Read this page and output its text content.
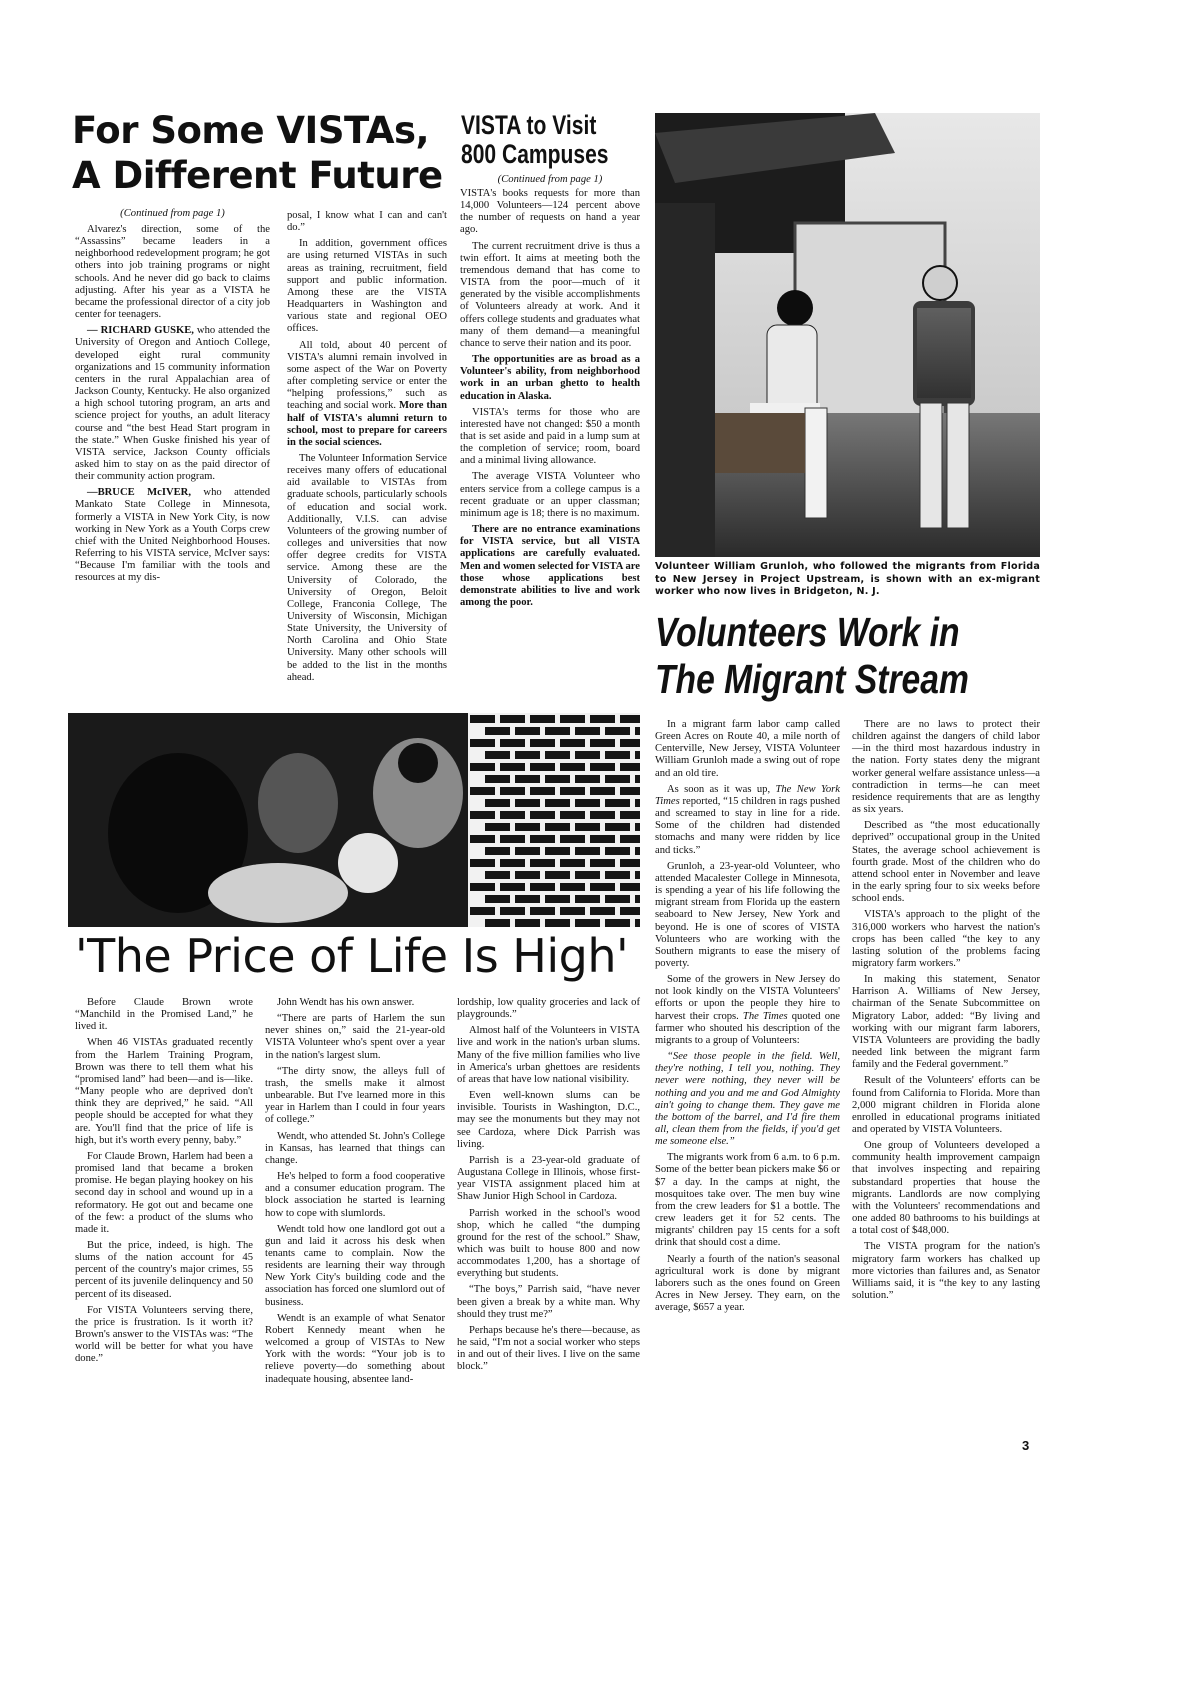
For Some VISTAs,
A Different Future
(Continued from page 1)

Alvarez's direction, some of the “Assassins” became leaders in a neighborhood redevelopment program; he got others into job training programs or night schools. And he never did go back to claims adjusting. After his year as a VISTA he became the professional director of a city job center for teenagers.

— RICHARD GUSKE, who attended the University of Oregon and Antioch College, developed eight rural community organizations and 15 community information centers in the rural Appalachian area of Jackson County, Kentucky. He also organized a high school tutoring program, an arts and science project for youths, an adult literacy course and “the best Head Start program in the state.” When Guske finished his year of VISTA service, Jackson County officials asked him to stay on as the paid director of their community action program.

—BRUCE McIVER, who attended Mankato State College in Minnesota, formerly a VISTA in New York City, is now working in New York as a Youth Corps crew chief with the United Neighborhood Houses. Referring to his VISTA service, McIver says: “Because I'm familiar with the tools and resources at my dis-

posal, I know what I can and can't do.”

In addition, government offices are using returned VISTAs in such areas as training, recruitment, field support and public information. Among these are the VISTA Headquarters in Washington and various state and regional OEO offices.

All told, about 40 percent of VISTA's alumni remain involved in some aspect of the War on Poverty after completing service or enter the “helping professions,” such as teaching and social work. More than half of VISTA's alumni return to school, most to prepare for careers in the social sciences.

The Volunteer Information Service receives many offers of educational aid available to VISTAs from graduate schools, particularly schools of education and social work. Additionally, V.I.S. can advise Volunteers of the growing number of colleges and universities that now offer degree credits for VISTA service. Among these are the University of Colorado, the University of Oregon, Beloit College, Franconia College, The University of Wisconsin, Michigan State University, the University of North Carolina and Ohio State University. Many other schools will be added to the list in the months ahead.

VISTA to Visit
800 Campuses
(Continued from page 1)

VISTA's books requests for more than 14,000 Volunteers—124 percent above the number of requests on hand a year ago.

The current recruitment drive is thus a twin effort. It aims at meeting both the tremendous demand that has come to VISTA from the poor—much of it generated by the visible accomplishments of Volunteers already at work. And it offers college students and graduates what many of them demand—a meaningful chance to serve their nation and its poor.

The opportunities are as broad as a Volunteer's ability, from neighborhood work in an urban ghetto to health education in Alaska.

VISTA's terms for those who are interested have not changed: $50 a month that is set aside and paid in a lump sum at the completion of service; room, board and a minimal living allowance.

The average VISTA Volunteer who enters service from a college campus is a recent graduate or an upper classman; minimum age is 18; there is no maximum.

There are no entrance examinations for VISTA service, but all VISTA applications are carefully evaluated. Men and women selected for VISTA are those whose applications best demonstrate abilities to live and work among the poor.

Volunteer William Grunloh, who followed the migrants from Florida to New Jersey in Project Upstream, is shown with an ex-migrant worker who now lives in Bridgeton, N. J.
Volunteers Work in
The Migrant Stream
'The Price of Life Is High'

Before Claude Brown wrote “Manchild in the Promised Land,” he lived it.

When 46 VISTAs graduated recently from the Harlem Training Program, Brown was there to tell them what his “promised land” had been—and is—like. “Many people who are deprived don't think they are deprived,” he said. “All people should be accepted for what they are. You'll find that the price of life is high, but it's worth every penny, baby.”

For Claude Brown, Harlem had been a promised land that became a broken promise. He began playing hookey on his second day in school and wound up in a reformatory. He got out and became one of the few: a product of the slums who made it.

But the price, indeed, is high. The slums of the nation account for 45 percent of the country's major crimes, 55 percent of its juvenile delinquency and 50 percent of its diseased.

For VISTA Volunteers serving there, the price is frustration. Is it worth it? Brown's answer to the VISTAs was: “The world will be better for what you have done.”

John Wendt has his own answer.

“There are parts of Harlem the sun never shines on,” said the 21-year-old VISTA Volunteer who's spent over a year in the nation's largest slum.

“The dirty snow, the alleys full of trash, the smells make it almost unbearable. But I've learned more in this year in Harlem than I could in four years of college.”

Wendt, who attended St. John's College in Kansas, has learned that things can change.

He's helped to form a food cooperative and a consumer education program. The block association he started is learning how to cope with slumlords.

Wendt told how one landlord got out a gun and laid it across his desk when tenants came to complain. Now the residents are learning their way through New York City's building code and the association has forced one slumlord out of business.

Wendt is an example of what Senator Robert Kennedy meant when he welcomed a group of VISTAs to New York with the words: “Your job is to relieve poverty—do something about inadequate housing, absentee land-

lordship, low quality groceries and lack of playgrounds.”

Almost half of the Volunteers in VISTA live and work in the nation's urban slums. Many of the five million families who live in America's urban ghettoes are residents of areas that have low national visibility.

Even well-known slums can be invisible. Tourists in Washington, D.C., may see the monuments but they may not see Cardoza, where Dick Parrish was living.

Parrish is a 23-year-old graduate of Augustana College in Illinois, whose first-year VISTA assignment placed him at Shaw Junior High School in Cardoza.

Parrish worked in the school's wood shop, which he called “the dumping ground for the rest of the school.” Shaw, which was built to house 800 and now accommodates 1,200, has a shortage of everything but students.

“The boys,” Parrish said, “have never been given a break by a white man. Why should they trust me?”

Perhaps because he's there—because, as he said, “I'm not a social worker who steps in and out of their lives. I live on the same block.”

In a migrant farm labor camp called Green Acres on Route 40, a mile north of Centerville, New Jersey, VISTA Volunteer William Grunloh made a swing out of rope and an old tire.

As soon as it was up, The New York Times reported, “15 children in rags pushed and screamed to stay in line for a ride. Some of the children had distended stomachs and many were ridden by lice and ticks.”

Grunloh, a 23-year-old Volunteer, who attended Macalester College in Minnesota, is spending a year of his life following the migrant stream from Florida up the eastern seaboard to New Jersey, New York and beyond. He is one of scores of VISTA Volunteers who are working with the Southern migrants to ease the misery of poverty.

Some of the growers in New Jersey do not look kindly on the VISTA Volunteers' efforts or upon the people they hire to harvest their crops. The Times quoted one farmer who shouted his description of the migrants to a group of Volunteers:

“See those people in the field. Well, they're nothing, I tell you, nothing. They never were nothing, they never will be nothing and you and me and God Almighty ain't going to change them. They gave me the bottom of the barrel, and I'd fire them all, clean them from the fields, if you'd get me someone else.”

The migrants work from 6 a.m. to 6 p.m. Some of the better bean pickers make $6 or $7 a day. In the camps at night, the mosquitoes take over. The men buy wine from the crew leaders for $1 a bottle. The crew leaders get it for 52 cents. The migrants' children pay 15 cents for a soft drink that should cost a dime.

Nearly a fourth of the nation's seasonal agricultural work is done by migrant laborers such as the ones found on Green Acres in New Jersey. They earn, on the average, $657 a year.

There are no laws to protect their children against the dangers of child labor—in the third most hazardous industry in the nation. Forty states deny the migrant worker general welfare assistance unless—a contradiction in terms—he can meet residence requirements that are as lengthy as six years.

Described as “the most educationally deprived” occupational group in the United States, the average school achievement is fourth grade. Most of the children who do attend school enter in November and leave in the early spring four to six weeks before school ends.

VISTA's approach to the plight of the 316,000 workers who harvest the nation's crops has been called “the key to any lasting solution of the problems facing migratory farm workers.”

In making this statement, Senator Harrison A. Williams of New Jersey, chairman of the Senate Subcommittee on Migratory Labor, added: “By living and working with our migrant farm laborers, VISTA Volunteers are providing the badly needed link between the migrant farm family and the Federal government.”

Result of the Volunteers' efforts can be found from California to Florida. More than 2,000 migrant children in Florida alone enrolled in educational programs initiated and operated by VISTA Volunteers.

One group of Volunteers developed a community health improvement campaign that involves inspecting and repairing substandard properties that house the migrants. Landlords are now complying with the Volunteers' recommendations and one added 80 bathrooms to his buildings at a total cost of $48,000.

The VISTA program for the nation's migratory farm workers has chalked up more victories than failures and, as Senator Williams said, it is “the key to any lasting solution.”

3
